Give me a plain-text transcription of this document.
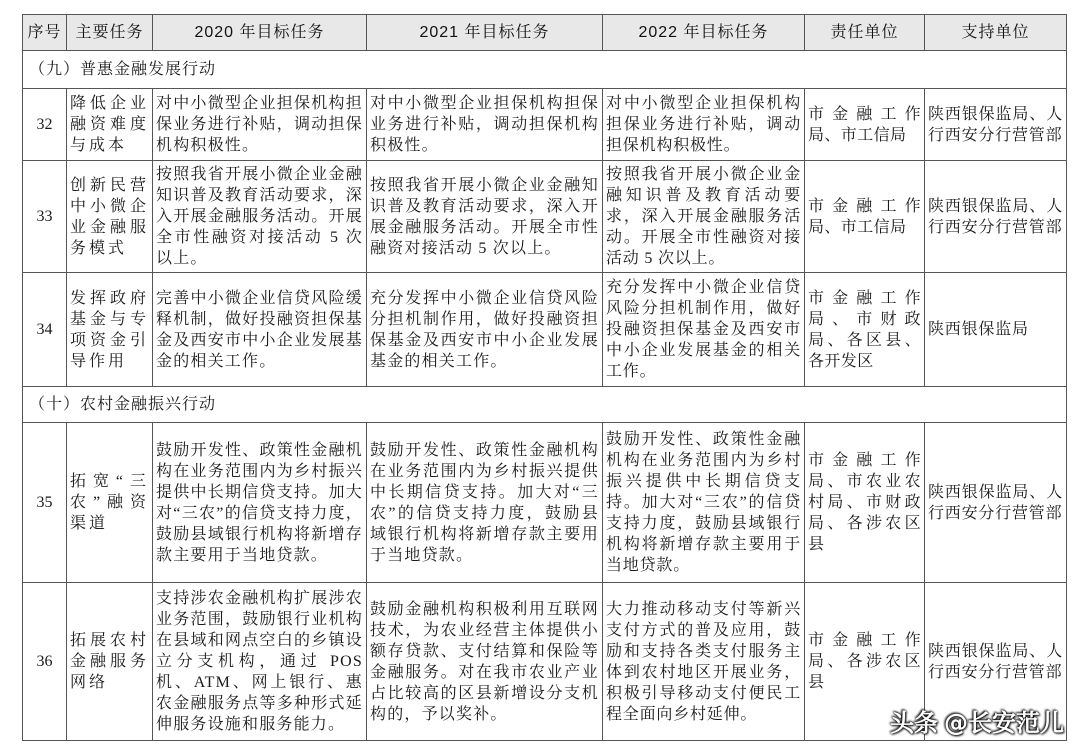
序号	主要任务	2020 年目标任务	2021 年目标任务	2022 年目标任务	责任单位	支持单位
（九）普惠金融发展行动						
32	降低企业融资难度与成本	对中小微型企业担保机构担保业务进行补贴，调动担保机构积极性。	对中小微型企业担保机构担保业务进行补贴，调动担保机构积极性。	对中小微型企业担保机构担保业务进行补贴，调动担保机构积极性。	市金融工作局、市工信局	陕西银保监局、人行西安分行营管部
33	创新民营中小微企业金融服务模式	按照我省开展小微企业金融知识普及教育活动要求，深入开展金融服务活动。开展全市性融资对接活动 5 次以上。	按照我省开展小微企业金融知识普及教育活动要求，深入开展金融服务活动。开展全市性融资对接活动 5 次以上。	按照我省开展小微企业金融知识普及教育活动要求，深入开展金融服务活动。开展全市性融资对接活动 5 次以上。	市金融工作局、市工信局	陕西银保监局、人行西安分行营管部
34	发挥政府基金与专项资金引导作用	完善中小微企业信贷风险缓释机制，做好投融资担保基金及西安市中小企业发展基金的相关工作。	充分发挥中小微企业信贷风险分担机制作用，做好投融资担保基金及西安市中小企业发展基金的相关工作。	充分发挥中小微企业信贷风险分担机制作用，做好投融资担保基金及西安市中小企业发展基金的相关工作。	市金融工作局、市财政局、各区县、各开发区	陕西银保监局
（十）农村金融振兴行动						
35	拓宽“三农”融资渠道	鼓励开发性、政策性金融机构在业务范围内为乡村振兴提供中长期信贷支持。加大对“三农”的信贷支持力度，鼓励县域银行机构将新增存款主要用于当地贷款。	鼓励开发性、政策性金融机构在业务范围内为乡村振兴提供中长期信贷支持。加大对“三农”的信贷支持力度，鼓励县域银行机构将新增存款主要用于当地贷款。	鼓励开发性、政策性金融机构在业务范围内为乡村振兴提供中长期信贷支持。加大对“三农”的信贷支持力度，鼓励县域银行机构将新增存款主要用于当地贷款。	市金融工作局、市农业农村局、市财政局、各涉农区县	陕西银保监局、人行西安分行营管部
36	拓展农村金融服务网络	支持涉农金融机构扩展涉农业务范围，鼓励银行业机构在县域和网点空白的乡镇设立分支机构，通过 POS 机、ATM、网上银行、惠农金融服务点等多种形式延伸服务设施和服务能力。	鼓励金融机构积极利用互联网技术，为农业经营主体提供小额存贷款、支付结算和保险等金融服务。对在我市农业产业占比较高的区县新增设分支机构的，予以奖补。	大力推动移动支付等新兴支付方式的普及应用，鼓励和支持各类支付服务主体到农村地区开展业务，积极引导移动支付便民工程全面向乡村延伸。	市金融工作局、各涉农区县	陕西银保监局、人行西安分行营管部
头条 @长安范儿
